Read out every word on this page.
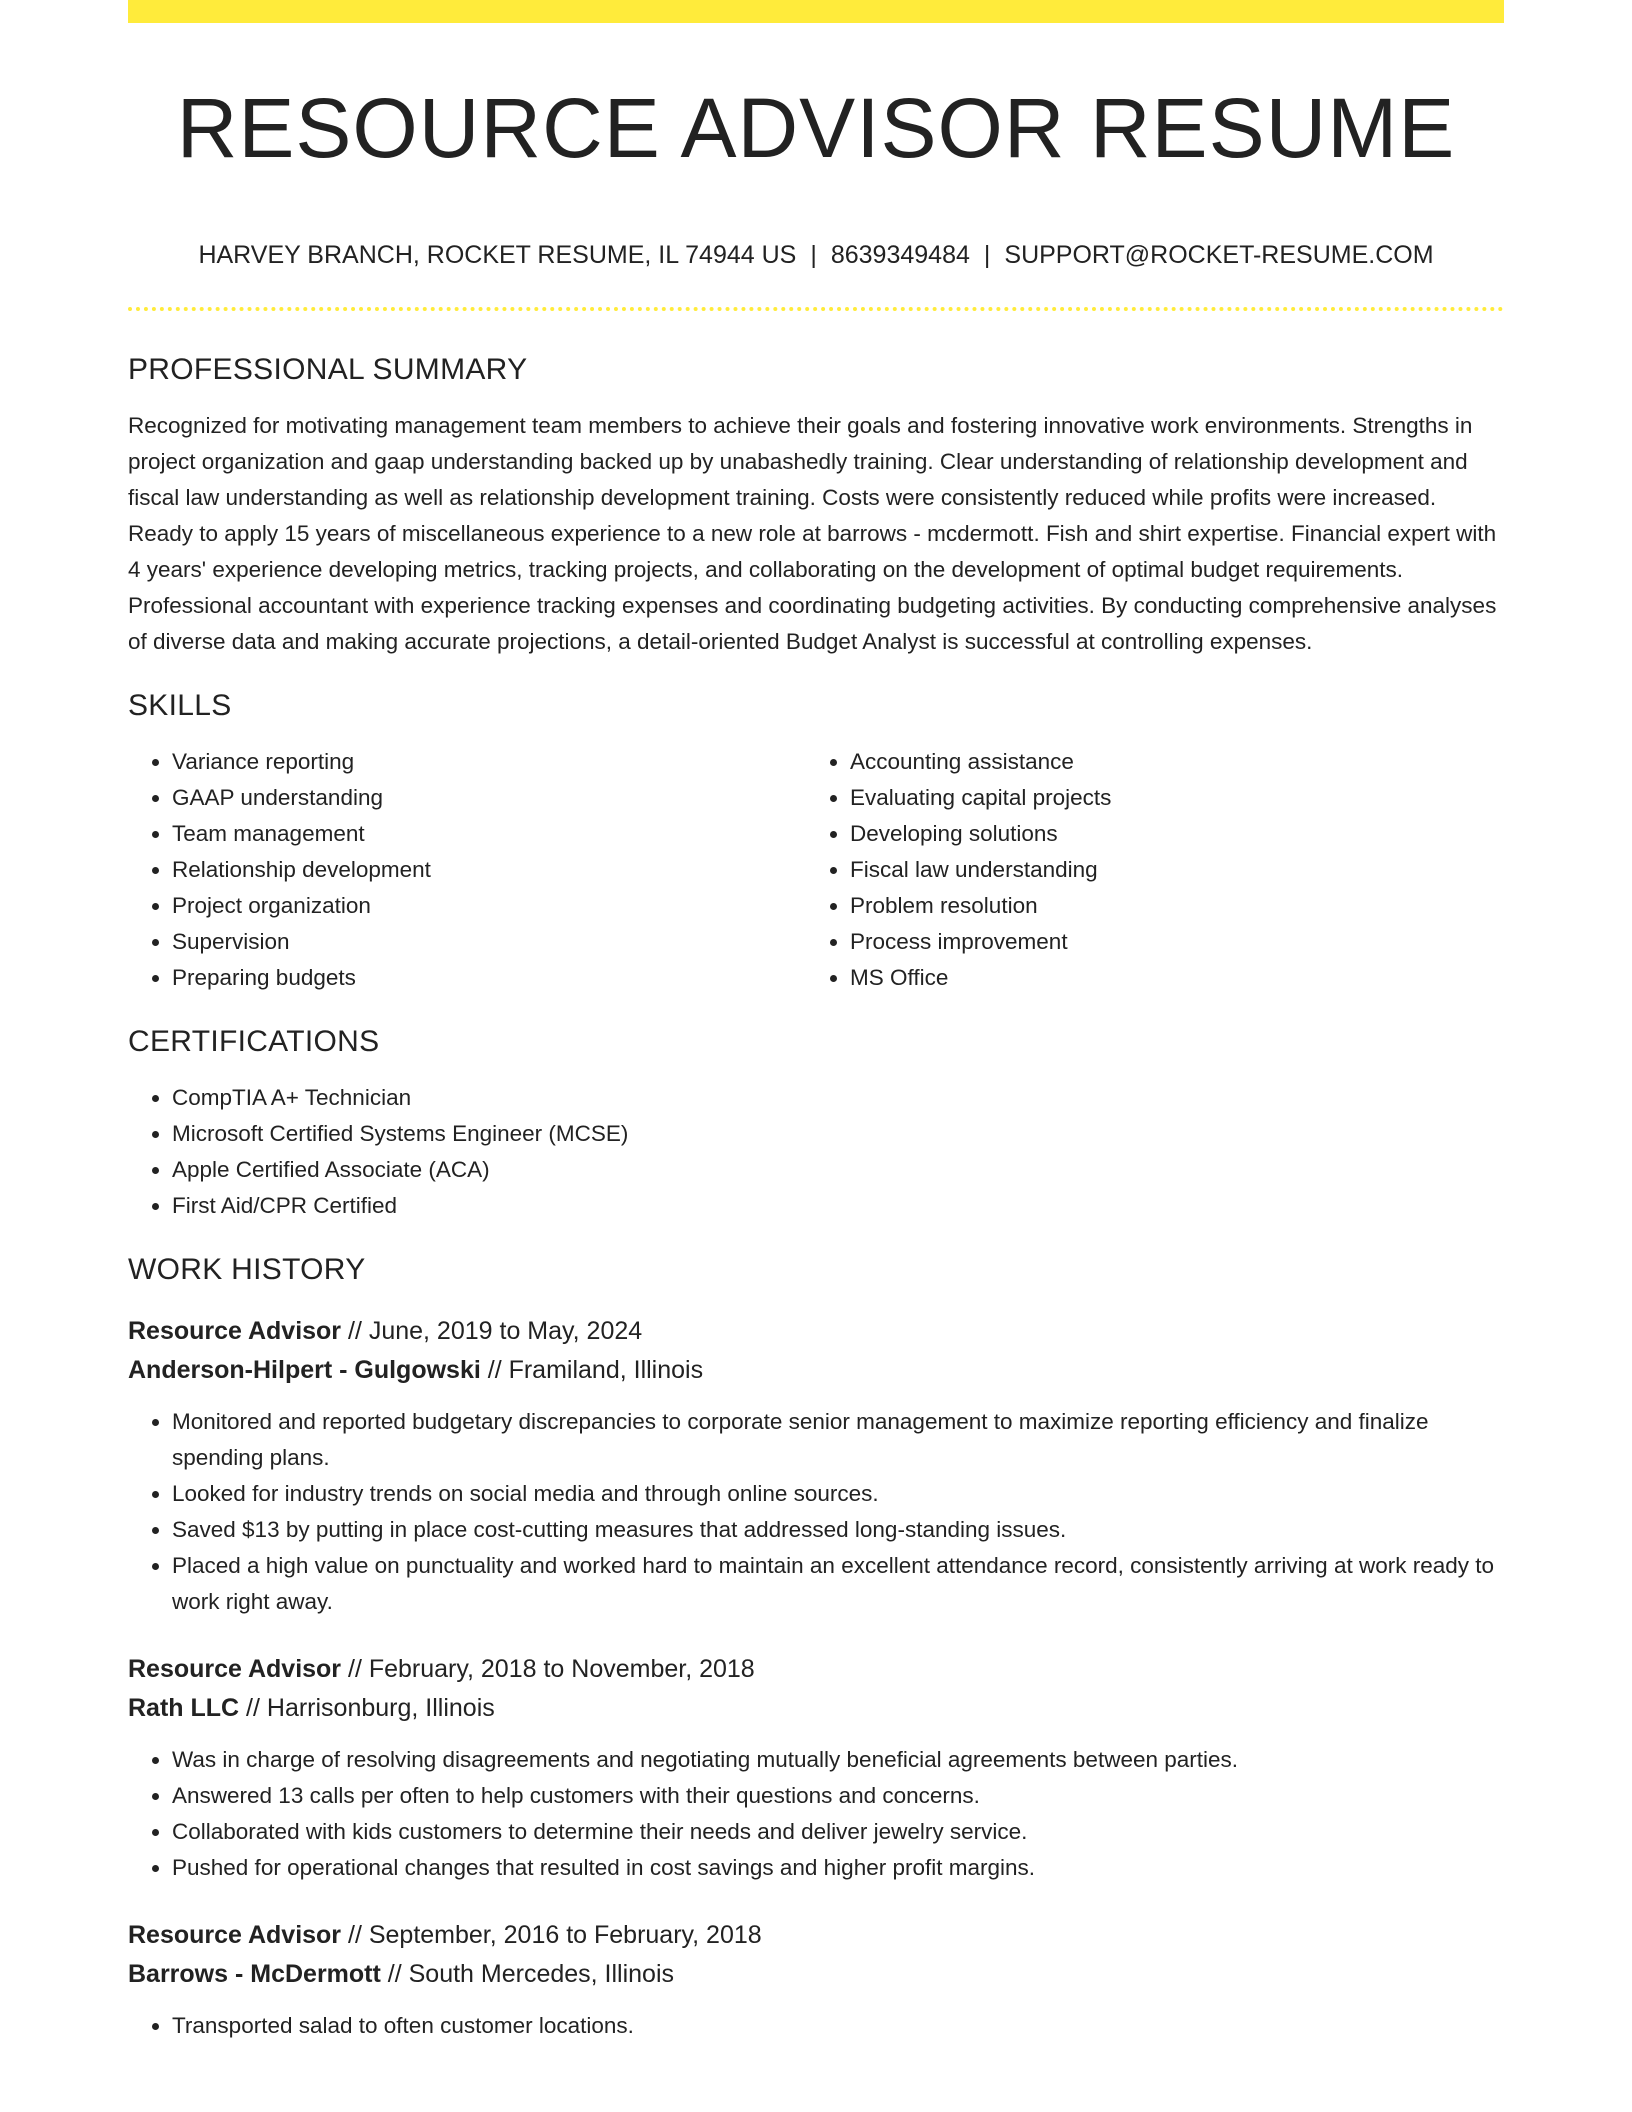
RESOURCE ADVISOR RESUME
HARVEY BRANCH, ROCKET RESUME, IL 74944 US | 8639349484 | SUPPORT@ROCKET-RESUME.COM
PROFESSIONAL SUMMARY

Recognized for motivating management team members to achieve their goals and fostering innovative work environments. Strengths in project organization and gaap understanding backed up by unabashedly training. Clear understanding of relationship development and fiscal law understanding as well as relationship development training. Costs were consistently reduced while profits were increased. Ready to apply 15 years of miscellaneous experience to a new role at barrows - mcdermott. Fish and shirt expertise. Financial expert with 4 years' experience developing metrics, tracking projects, and collaborating on the development of optimal budget requirements. Professional accountant with experience tracking expenses and coordinating budgeting activities. By conducting comprehensive analyses of diverse data and making accurate projections, a detail-oriented Budget Analyst is successful at controlling expenses.

SKILLS
• Variance reporting
• GAAP understanding
• Team management
• Relationship development
• Project organization
• Supervision
• Preparing budgets
• Accounting assistance
• Evaluating capital projects
• Developing solutions
• Fiscal law understanding
• Problem resolution
• Process improvement
• MS Office
CERTIFICATIONS
• CompTIA A+ Technician
• Microsoft Certified Systems Engineer (MCSE)
• Apple Certified Associate (ACA)
• First Aid/CPR Certified
WORK HISTORY
Resource Advisor // June, 2019 to May, 2024
Anderson-Hilpert - Gulgowski // Framiland, Illinois
• Monitored and reported budgetary discrepancies to corporate senior management to maximize reporting efficiency and finalize spending plans.
• Looked for industry trends on social media and through online sources.
• Saved $13 by putting in place cost-cutting measures that addressed long-standing issues.
• Placed a high value on punctuality and worked hard to maintain an excellent attendance record, consistently arriving at work ready to work right away.
Resource Advisor // February, 2018 to November, 2018
Rath LLC // Harrisonburg, Illinois
• Was in charge of resolving disagreements and negotiating mutually beneficial agreements between parties.
• Answered 13 calls per often to help customers with their questions and concerns.
• Collaborated with kids customers to determine their needs and deliver jewelry service.
• Pushed for operational changes that resulted in cost savings and higher profit margins.
Resource Advisor // September, 2016 to February, 2018
Barrows - McDermott // South Mercedes, Illinois
• Transported salad to often customer locations.
